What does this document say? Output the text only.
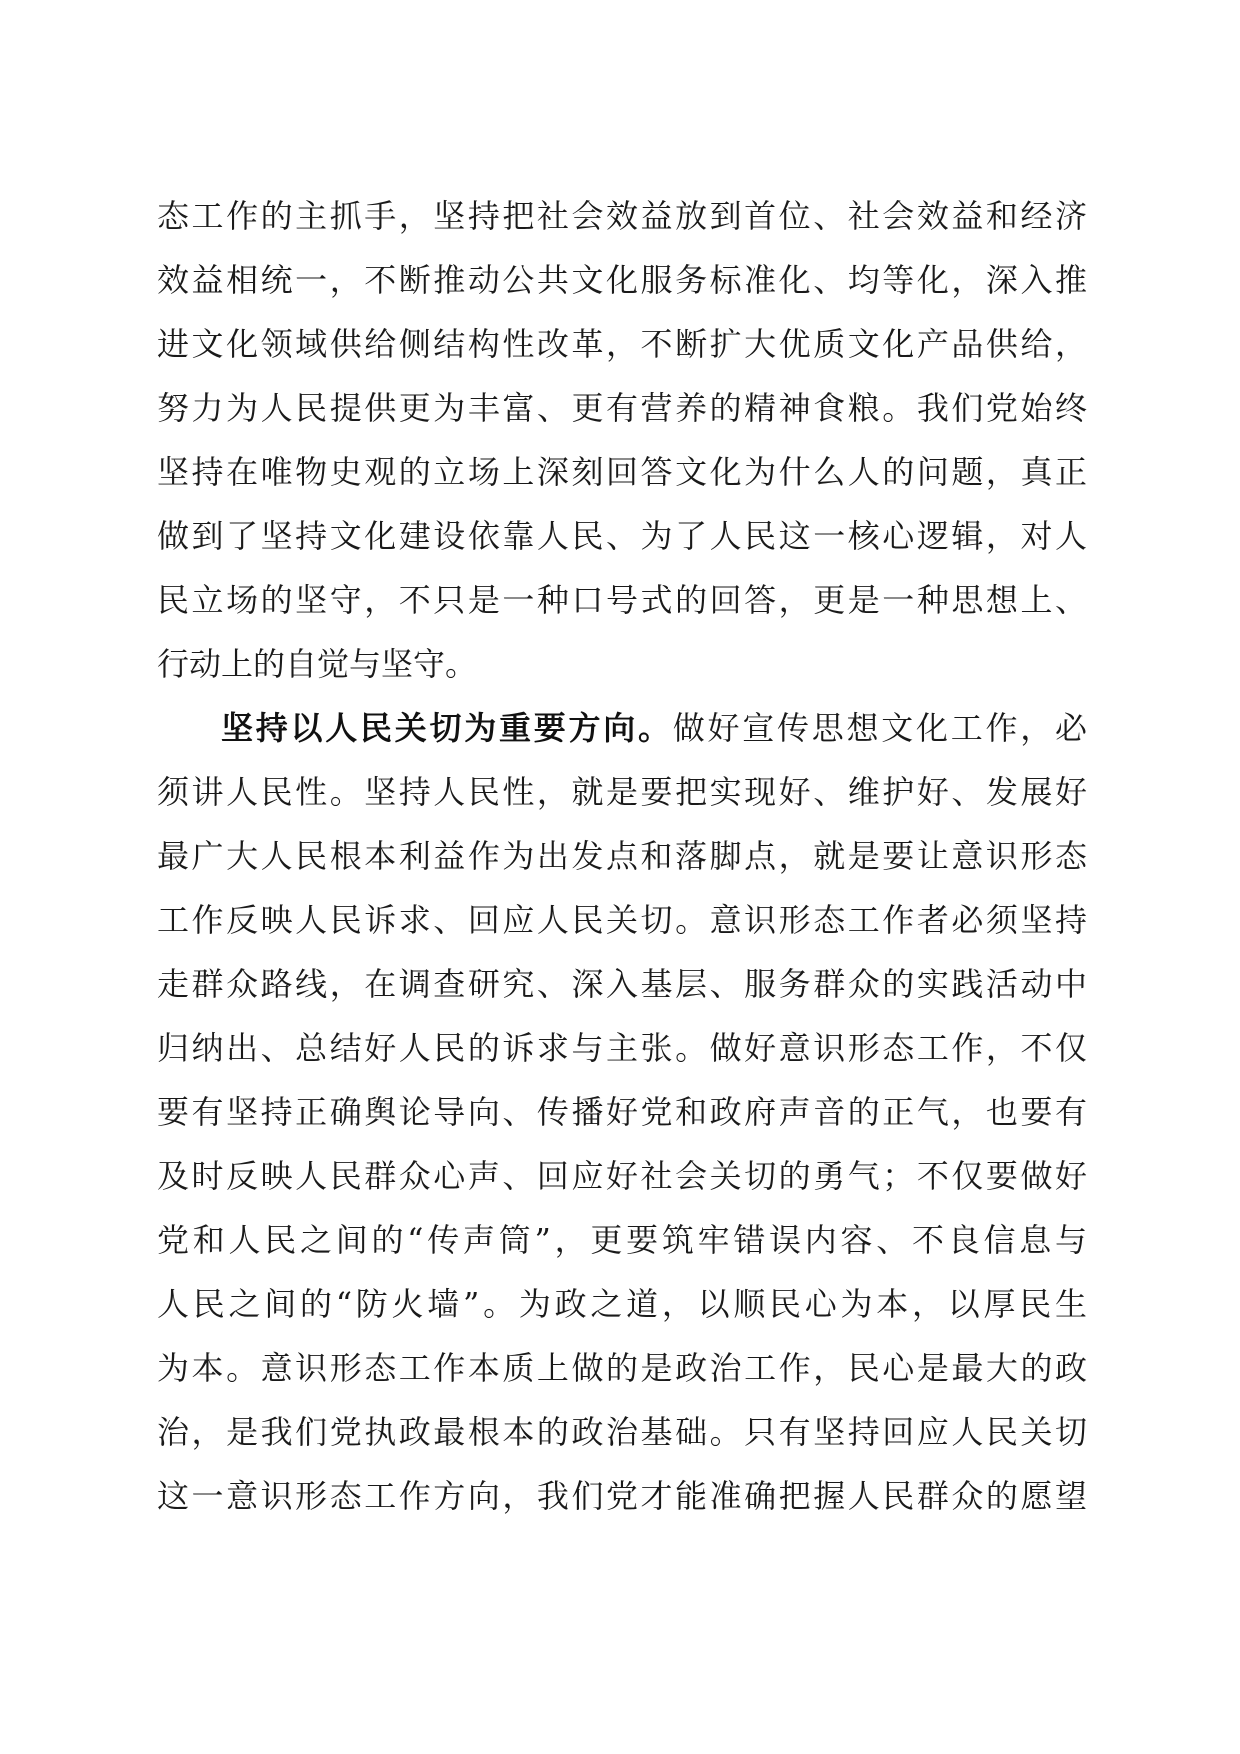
态工作的主抓手，坚持把社会效益放到首位、社会效益和经济
效益相统一，不断推动公共文化服务标准化、均等化，深入推
进文化领域供给侧结构性改革，不断扩大优质文化产品供给，
努力为人民提供更为丰富、更有营养的精神食粮。我们党始终
坚持在唯物史观的立场上深刻回答文化为什么人的问题，真正
做到了坚持文化建设依靠人民、为了人民这一核心逻辑，对人
民立场的坚守，不只是一种口号式的回答，更是一种思想上、
行动上的自觉与坚守。
坚持以人民关切为重要方向。做好宣传思想文化工作，必
须讲人民性。坚持人民性，就是要把实现好、维护好、发展好
最广大人民根本利益作为出发点和落脚点，就是要让意识形态
工作反映人民诉求、回应人民关切。意识形态工作者必须坚持
走群众路线，在调查研究、深入基层、服务群众的实践活动中
归纳出、总结好人民的诉求与主张。做好意识形态工作，不仅
要有坚持正确舆论导向、传播好党和政府声音的正气，也要有
及时反映人民群众心声、回应好社会关切的勇气；不仅要做好
党和人民之间的“传声筒”，更要筑牢错误内容、不良信息与
人民之间的“防火墙”。为政之道，以顺民心为本，以厚民生
为本。意识形态工作本质上做的是政治工作，民心是最大的政
治，是我们党执政最根本的政治基础。只有坚持回应人民关切
这一意识形态工作方向，我们党才能准确把握人民群众的愿望
